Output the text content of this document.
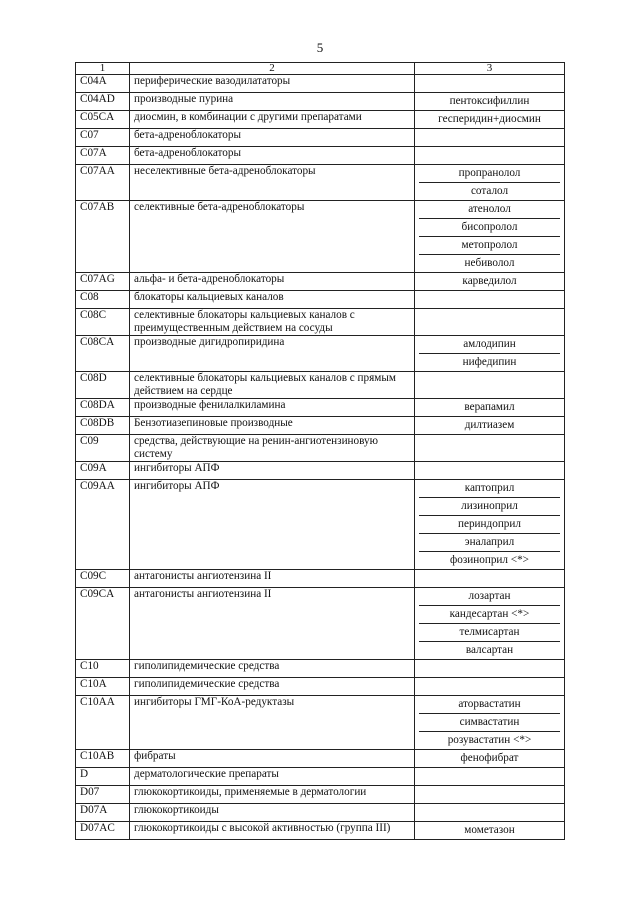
5
1	2	3
C04A	периферические вазодилататоры	

C04AD	производные пурина	пентоксифиллин

C05CA	диосмин, в комбинации с другими препаратами	гесперидин+диосмин

C07	бета-адреноблокаторы	

C07A	бета-адреноблокаторы	

C07AA	неселективные бета-адреноблокаторы	пропранолол
соталол

C07AB	селективные бета-адреноблокаторы	атенолол
бисопролол
метопролол
небиволол

C07AG	альфа- и бета-адреноблокаторы	карведилол

C08	блокаторы кальциевых каналов	

C08C	селективные блокаторы кальциевых каналов с преимущественным действием на сосуды	

C08CA	производные дигидропиридина	амлодипин
нифедипин

C08D	селективные блокаторы кальциевых каналов с прямым действием на сердце	

C08DA	производные фенилалкиламина	верапамил

C08DB	Бензотиазепиновые производные	дилтиазем

C09	средства, действующие на ренин-ангиотензиновую систему	

C09A	ингибиторы АПФ	

C09AA	ингибиторы АПФ	каптоприл
лизиноприл
периндоприл
эналаприл
фозиноприл <*>

C09C	антагонисты ангиотензина II	

C09CA	антагонисты ангиотензина II	лозартан
кандесартан <*>
телмисартан
валсартан

C10	гиполипидемические средства	

C10A	гиполипидемические средства	

C10AA	ингибиторы ГМГ-КоА-редуктазы	аторвастатин
симвастатин
розувастатин <*>

C10AB	фибраты	фенофибрат

D	дерматологические препараты	

D07	глюкокортикоиды, применяемые в дерматологии	

D07A	глюкокортикоиды	

D07AC	глюкокортикоиды с высокой активностью (группа III)	мометазон
